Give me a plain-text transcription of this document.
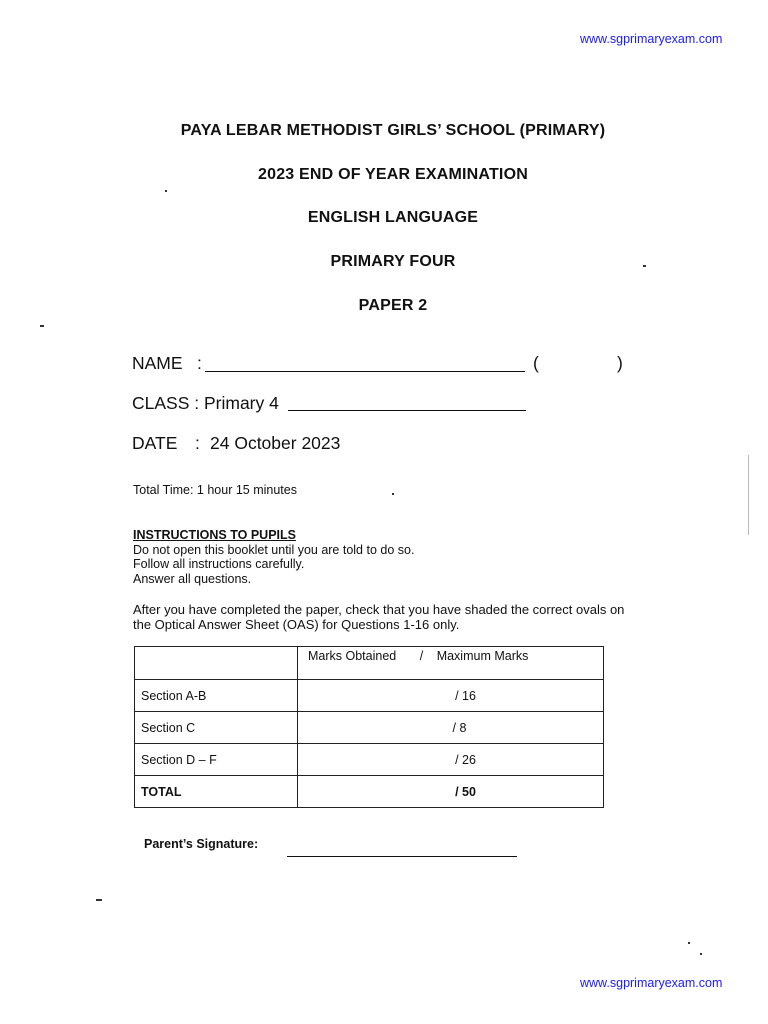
www.sgprimaryexam.com
PAYA LEBAR METHODIST GIRLS’ SCHOOL (PRIMARY)
2023 END OF YEAR EXAMINATION
ENGLISH LANGUAGE
PRIMARY FOUR
PAPER 2
NAME :	(	)
CLASS : Primary 4
DATE : 24 October 2023
Total Time: 1 hour 15 minutes
INSTRUCTIONS TO PUPILS
Do not open this booklet until you are told to do so.
Follow all instructions carefully.
Answer all questions.
After you have completed the paper, check that you have shaded the correct ovals on
the Optical Answer Sheet (OAS) for Questions 1-16 only.
	Marks Obtained / Maximum Marks
Section A-B	/ 16
Section C	/ 8
Section D – F	/ 26
TOTAL	/ 50
Parent’s Signature:
www.sgprimaryexam.com
